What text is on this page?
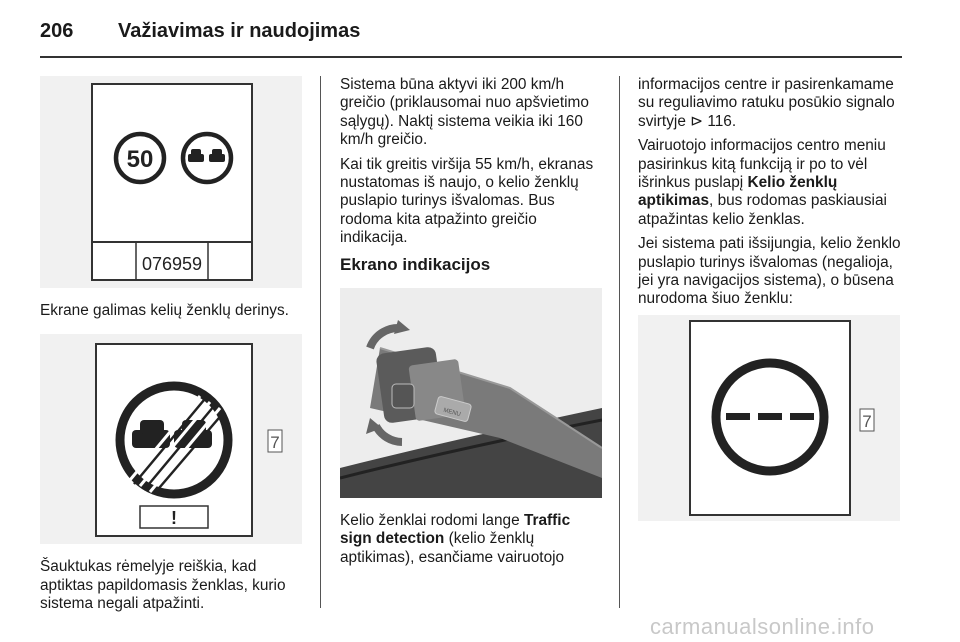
206 Važiavimas ir naudojimas
50
076959

Ekrane galimas kelių ženklų derinys.

!
7

Šauktukas rėmelyje reiškia, kad aptiktas papildomasis ženklas, kurio sistema negali atpažinti.

Sistema būna aktyvi iki 200 km/h greičio (priklausomai nuo apšvietimo sąlygų). Naktį sistema veikia iki 160 km/h greičio.

Kai tik greitis viršija 55 km/h, ekranas nustatomas iš naujo, o kelio ženklų puslapio turinys išvalomas. Bus rodoma kita atpažinto greičio indikacija.

Ekrano indikacijos
MENU

Kelio ženklai rodomi lange Traffic sign detection (kelio ženklų aptikimas), esančiame vairuotojo

informacijos centre ir pasirenkamame su reguliavimo ratuku posūkio signalo svirtyje ⊳ 116.

Vairuotojo informacijos centro meniu pasirinkus kitą funkciją ir po to vėl išrinkus puslapį Kelio ženklų aptikimas, bus rodomas paskiausiai atpažintas kelio ženklas.

Jei sistema pati išsijungia, kelio ženklo puslapio turinys išvalomas (negalioja, jei yra navigacijos sistema), o būsena nurodoma šiuo ženklu:

7
carmanualsonline.info
